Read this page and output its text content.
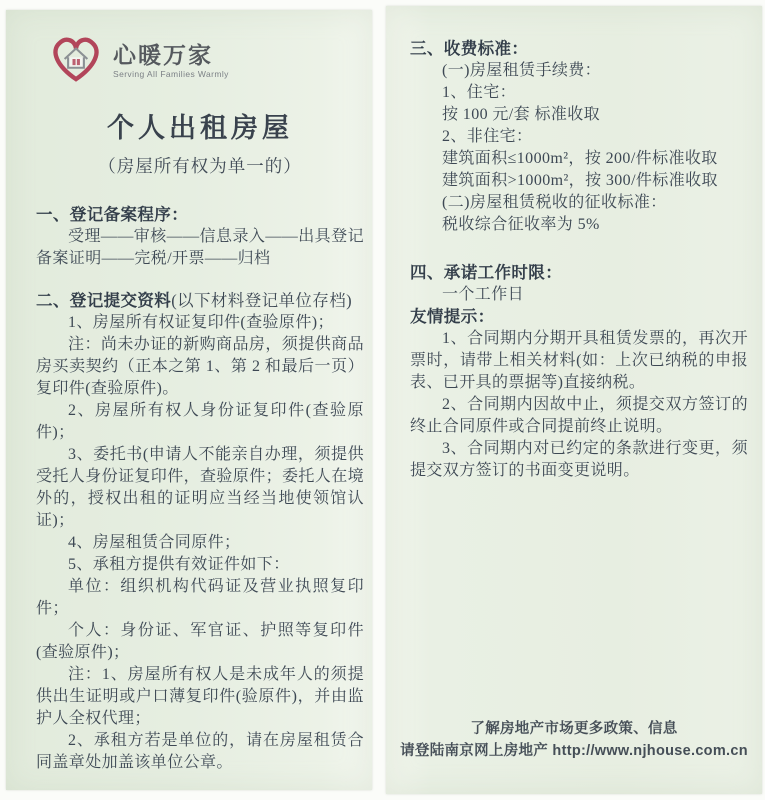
心暖万家
Serving All Families Warmly
个人出租房屋

（房屋所有权为单一的）

一、登记备案程序：

受理——审核——信息录入——出具登记备案证明——完税/开票——归档

二、登记提交资料(以下材料登记单位存档)

1、房屋所有权证复印件(查验原件)；

注：尚未办证的新购商品房，须提供商品房买卖契约（正本之第 1、第 2 和最后一页）复印件(查验原件)。

2、房屋所有权人身份证复印件(查验原件)；

3、委托书(申请人不能亲自办理，须提供受托人身份证复印件，查验原件；委托人在境外的，授权出租的证明应当经当地使领馆认证)；

4、房屋租赁合同原件；

5、承租方提供有效证件如下：

单位：组织机构代码证及营业执照复印件；

个人：身份证、军官证、护照等复印件(查验原件)；

注：1、房屋所有权人是未成年人的须提供出生证明或户口薄复印件(验原件)，并由监护人全权代理；

2、承租方若是单位的，请在房屋租赁合同盖章处加盖该单位公章。

三、收费标准：

(一)房屋租赁手续费：

1、住宅：

按 100 元/套 标准收取

2、非住宅：

建筑面积≤1000m²，按 200/件标准收取

建筑面积>1000m²，按 300/件标准收取

(二)房屋租赁税收的征收标准：

税收综合征收率为 5%

四、承诺工作时限：

一个工作日

友情提示：

1、合同期内分期开具租赁发票的，再次开票时，请带上相关材料(如：上次已纳税的申报表、已开具的票据等)直接纳税。

2、合同期内因故中止，须提交双方签订的终止合同原件或合同提前终止说明。

3、合同期内对已约定的条款进行变更，须提交双方签订的书面变更说明。

了解房地产市场更多政策、信息
请登陆南京网上房地产 http://www.njhouse.com.cn
